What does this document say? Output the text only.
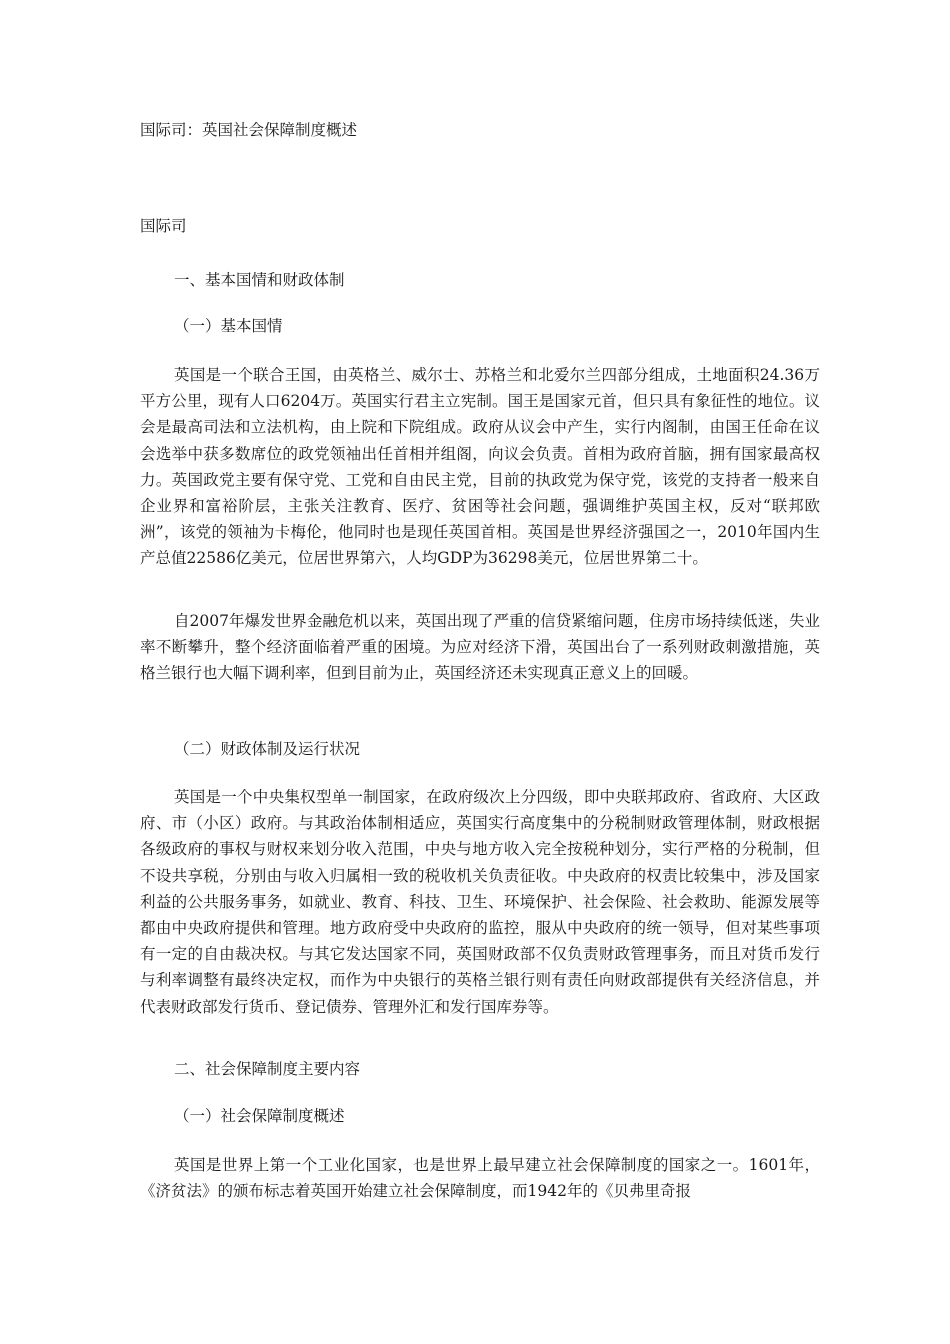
国际司：英国社会保障制度概述
国际司
一、基本国情和财政体制
（一）基本国情
英国是一个联合王国，由英格兰、威尔士、苏格兰和北爱尔兰四部分组成，土地面积24.36万平方公里，现有人口6204万。英国实行君主立宪制。国王是国家元首，但只具有象征性的地位。议会是最高司法和立法机构，由上院和下院组成。政府从议会中产生，实行内阁制，由国王任命在议会选举中获多数席位的政党领袖出任首相并组阁，向议会负责。首相为政府首脑，拥有国家最高权力。英国政党主要有保守党、工党和自由民主党，目前的执政党为保守党，该党的支持者一般来自企业界和富裕阶层，主张关注教育、医疗、贫困等社会问题，强调维护英国主权，反对“联邦欧洲”，该党的领袖为卡梅伦，他同时也是现任英国首相。英国是世界经济强国之一，2010年国内生产总值22586亿美元，位居世界第六，人均GDP为36298美元，位居世界第二十。
自2007年爆发世界金融危机以来，英国出现了严重的信贷紧缩问题，住房市场持续低迷，失业率不断攀升，整个经济面临着严重的困境。为应对经济下滑，英国出台了一系列财政刺激措施，英格兰银行也大幅下调利率，但到目前为止，英国经济还未实现真正意义上的回暖。
（二）财政体制及运行状况
英国是一个中央集权型单一制国家，在政府级次上分四级，即中央联邦政府、省政府、大区政府、市（小区）政府。与其政治体制相适应，英国实行高度集中的分税制财政管理体制，财政根据各级政府的事权与财权来划分收入范围，中央与地方收入完全按税种划分，实行严格的分税制，但不设共享税，分别由与收入归属相一致的税收机关负责征收。中央政府的权责比较集中，涉及国家利益的公共服务事务，如就业、教育、科技、卫生、环境保护、社会保险、社会救助、能源发展等都由中央政府提供和管理。地方政府受中央政府的监控，服从中央政府的统一领导，但对某些事项有一定的自由裁决权。与其它发达国家不同，英国财政部不仅负责财政管理事务，而且对货币发行与利率调整有最终决定权，而作为中央银行的英格兰银行则有责任向财政部提供有关经济信息，并代表财政部发行货币、登记债券、管理外汇和发行国库券等。
二、社会保障制度主要内容
（一）社会保障制度概述
英国是世界上第一个工业化国家，也是世界上最早建立社会保障制度的国家之一。1601年，《济贫法》的颁布标志着英国开始建立社会保障制度，而1942年的《贝弗里奇报
